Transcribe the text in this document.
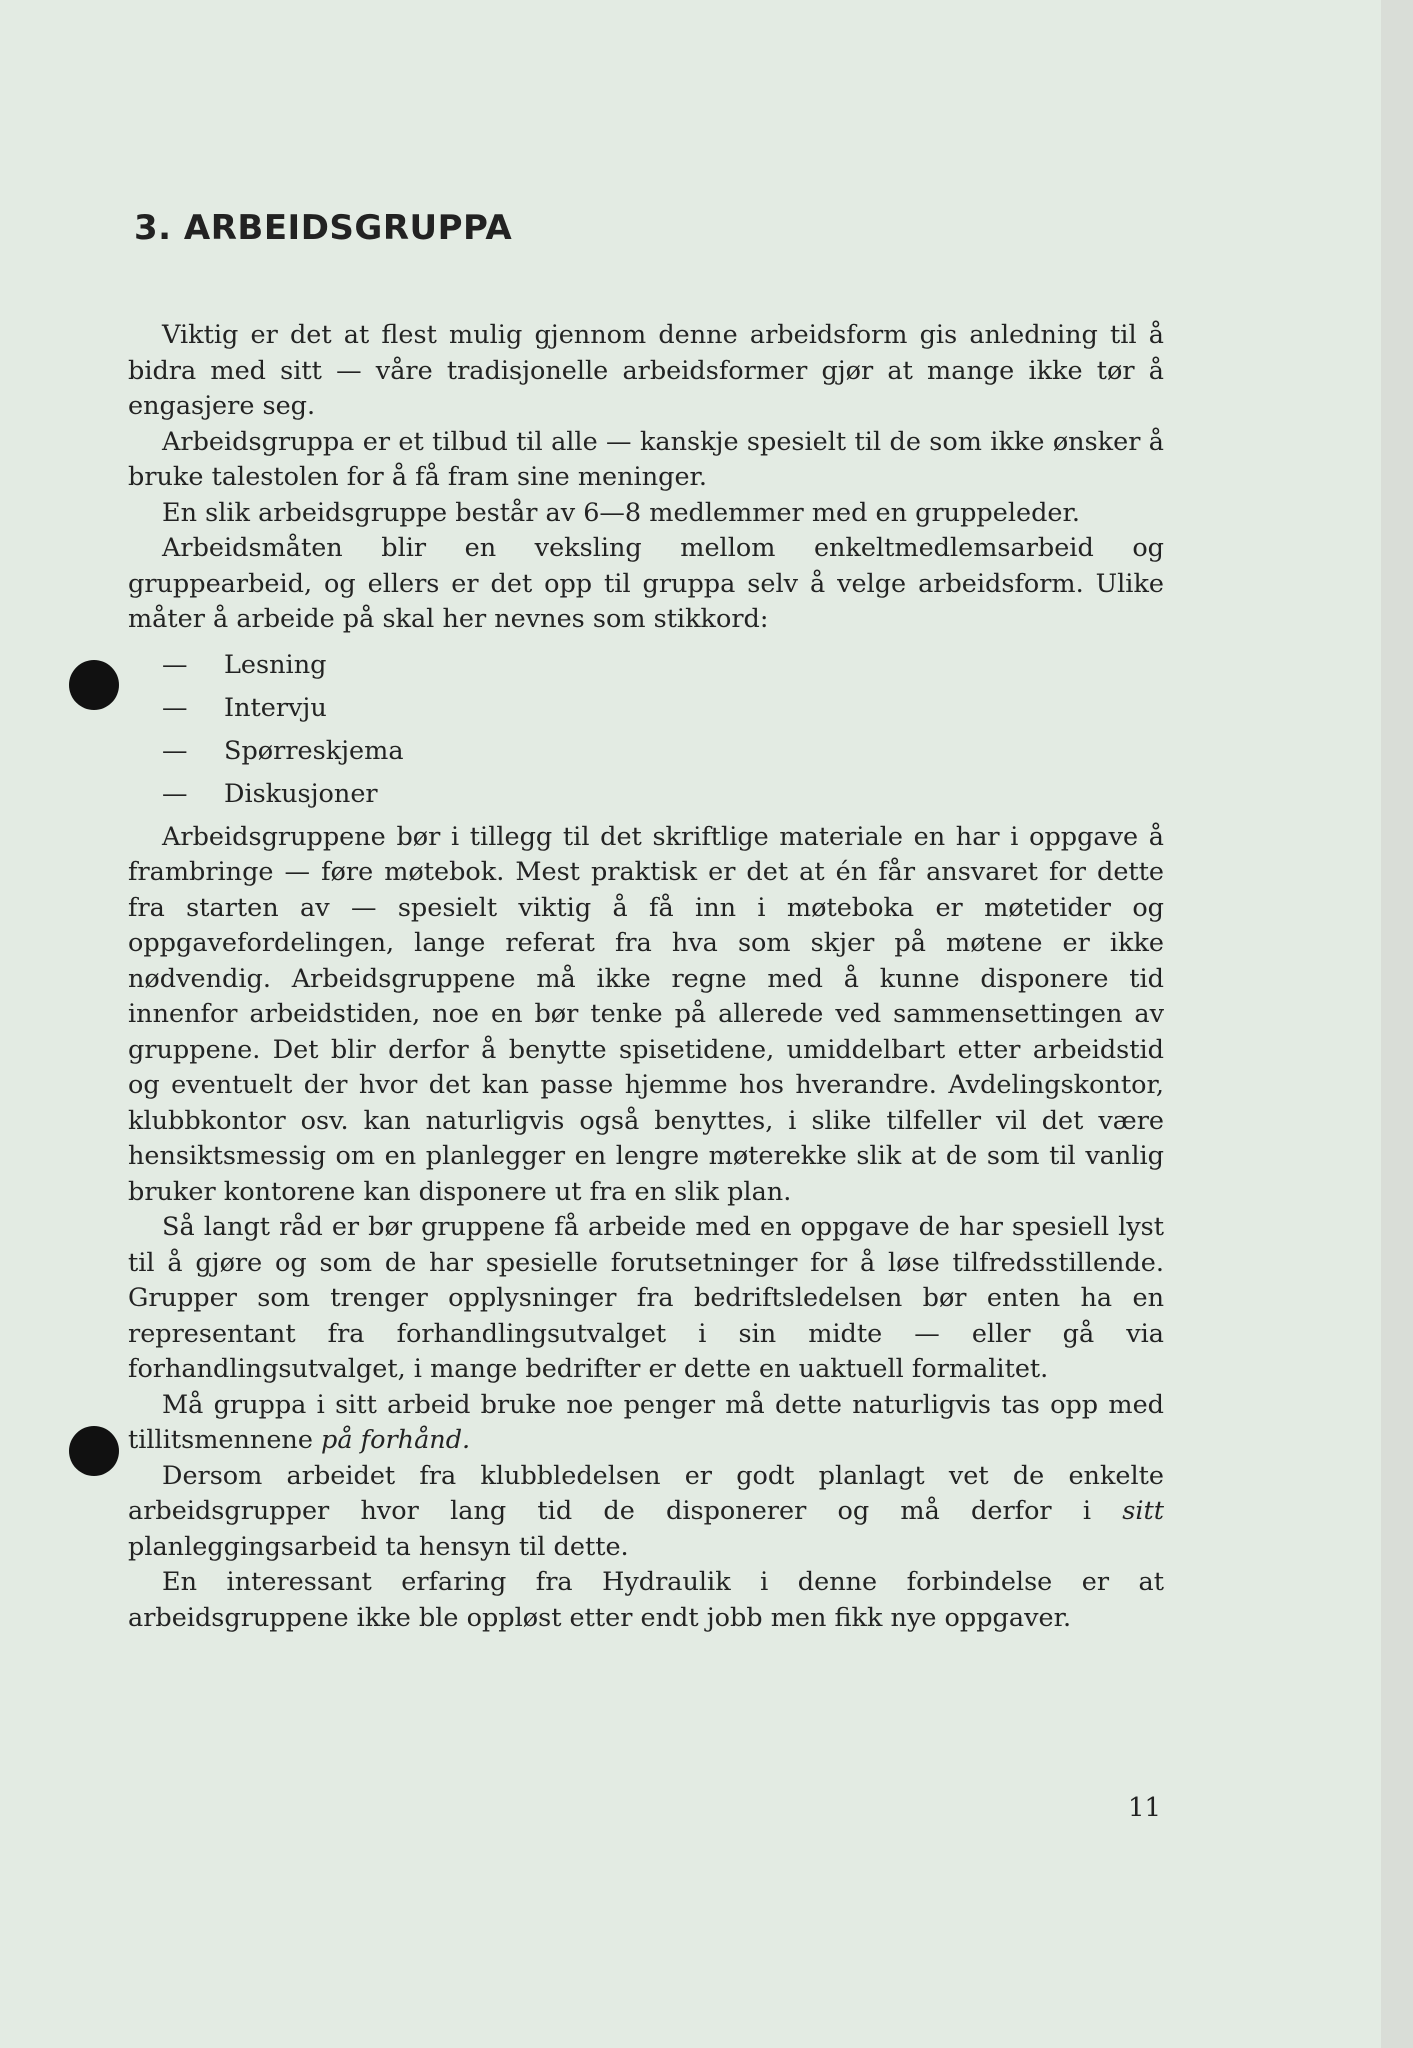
3. ARBEIDSGRUPPA

Viktig er det at flest mulig gjennom denne arbeidsform gis anledning til å bidra med sitt — våre tradisjonelle arbeidsformer gjør at mange ikke tør å engasjere seg.

Arbeidsgruppa er et tilbud til alle — kanskje spesielt til de som ikke ønsker å bruke talestolen for å få fram sine meninger.

En slik arbeidsgruppe består av 6—8 medlemmer med en gruppeleder.

Arbeidsmåten blir en veksling mellom enkeltmedlemsarbeid og gruppearbeid, og ellers er det opp til gruppa selv å velge arbeidsform. Ulike måter å arbeide på skal her nevnes som stikkord:

— Lesning
— Intervju
— Spørreskjema
— Diskusjoner

Arbeidsgruppene bør i tillegg til det skriftlige materiale en har i oppgave å frambringe — føre møtebok. Mest praktisk er det at én får ansvaret for dette fra starten av — spesielt viktig å få inn i møteboka er møtetider og oppgavefordelingen, lange referat fra hva som skjer på møtene er ikke nødvendig. Arbeidsgruppene må ikke regne med å kunne disponere tid innenfor arbeidstiden, noe en bør tenke på allerede ved sammensettingen av gruppene. Det blir derfor å benytte spisetidene, umiddelbart etter arbeidstid og eventuelt der hvor det kan passe hjemme hos hverandre. Avdelingskontor, klubbkontor osv. kan naturligvis også benyttes, i slike tilfeller vil det være hensiktsmessig om en planlegger en lengre møterekke slik at de som til vanlig bruker kontorene kan disponere ut fra en slik plan.

Så langt råd er bør gruppene få arbeide med en oppgave de har spesiell lyst til å gjøre og som de har spesielle forutsetninger for å løse tilfredsstillende. Grupper som trenger opplysninger fra bedriftsledelsen bør enten ha en representant fra forhandlingsutvalget i sin midte — eller gå via forhandlingsutvalget, i mange bedrifter er dette en uaktuell formalitet.

Må gruppa i sitt arbeid bruke noe penger må dette naturligvis tas opp med tillitsmennene på forhånd.

Dersom arbeidet fra klubbledelsen er godt planlagt vet de enkelte arbeidsgrupper hvor lang tid de disponerer og må derfor i sitt planleggingsarbeid ta hensyn til dette.

En interessant erfaring fra Hydraulik i denne forbindelse er at arbeidsgruppene ikke ble oppløst etter endt jobb men fikk nye oppgaver.

11
